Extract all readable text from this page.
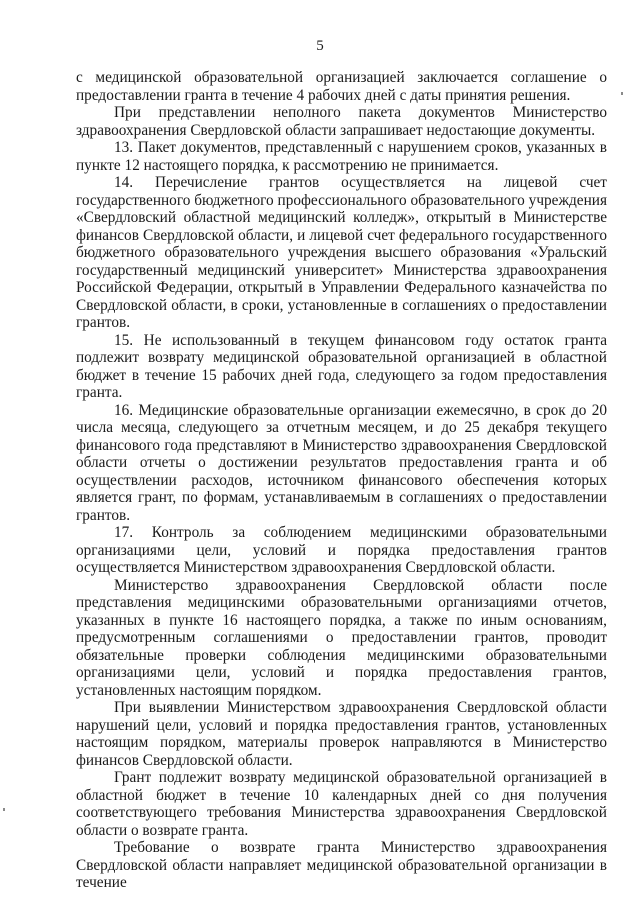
5

с медицинской образовательной организацией заключается соглашение о предоставлении гранта в течение 4 рабочих дней с даты принятия решения.

При представлении неполного пакета документов Министерство здравоохранения Свердловской области запрашивает недостающие документы.

13. Пакет документов, представленный с нарушением сроков, указанных в пункте 12 настоящего порядка, к рассмотрению не принимается.

14. Перечисление грантов осуществляется на лицевой счет государственного бюджетного профессионального образовательного учреждения «Свердловский областной медицинский колледж», открытый в Министерстве финансов Свердловской области, и лицевой счет федерального государственного бюджетного образовательного учреждения высшего образования «Уральский государственный медицинский университет» Министерства здравоохранения Российской Федерации, открытый в Управлении Федерального казначейства по Свердловской области, в сроки, установленные в соглашениях о предоставлении грантов.

15. Не использованный в текущем финансовом году остаток гранта подлежит возврату медицинской образовательной организацией в областной бюджет в течение 15 рабочих дней года, следующего за годом предоставления гранта.

16. Медицинские образовательные организации ежемесячно, в срок до 20 числа месяца, следующего за отчетным месяцем, и до 25 декабря текущего финансового года представляют в Министерство здравоохранения Свердловской области отчеты о достижении результатов предоставления гранта и об осуществлении расходов, источником финансового обеспечения которых является грант, по формам, устанавливаемым в соглашениях о предоставлении грантов.

17. Контроль за соблюдением медицинскими образовательными организациями цели, условий и порядка предоставления грантов осуществляется Министерством здравоохранения Свердловской области.

Министерство здравоохранения Свердловской области после представления медицинскими образовательными организациями отчетов, указанных в пункте 16 настоящего порядка, а также по иным основаниям, предусмотренным соглашениями о предоставлении грантов, проводит обязательные проверки соблюдения медицинскими образовательными организациями цели, условий и порядка предоставления грантов, установленных настоящим порядком.

При выявлении Министерством здравоохранения Свердловской области нарушений цели, условий и порядка предоставления грантов, установленных настоящим порядком, материалы проверок направляются в Министерство финансов Свердловской области.

Грант подлежит возврату медицинской образовательной организацией в областной бюджет в течение 10 календарных дней со дня получения соответствующего требования Министерства здравоохранения Свердловской области о возврате гранта.

Требование о возврате гранта Министерство здравоохранения Свердловской области направляет медицинской образовательной организации в течение
